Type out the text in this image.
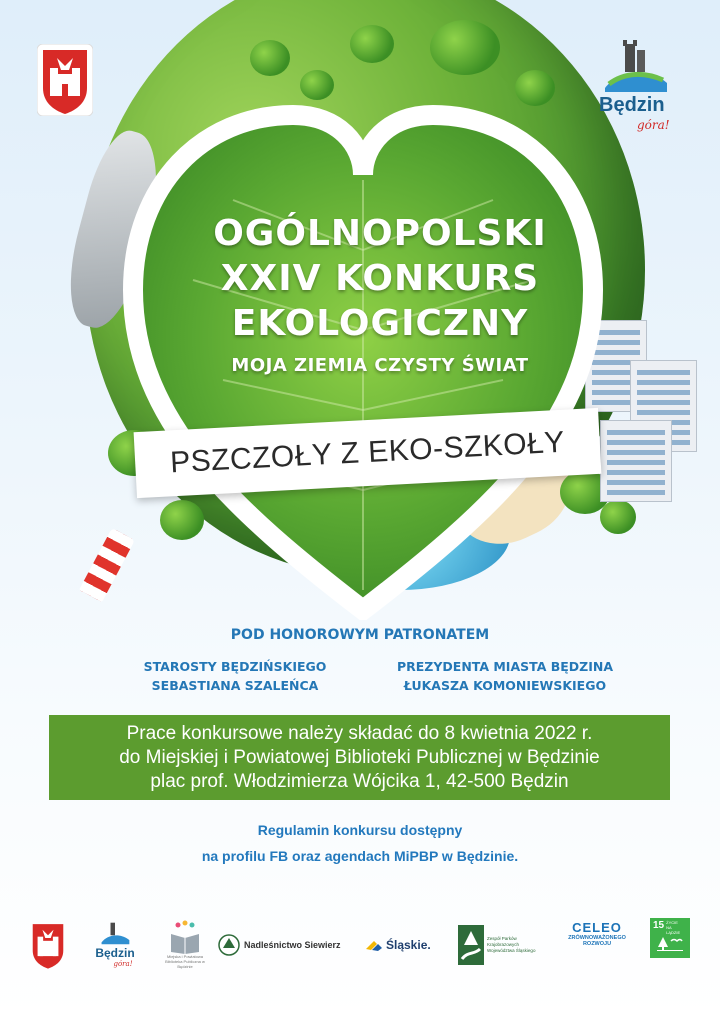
OGÓLNOPOLSKI
XXIV KONKURS
EKOLOGICZNY
MOJA ZIEMIA CZYSTY ŚWIAT
PSZCZOŁY Z EKO-SZKOŁY
Będzin
góra!
POD HONOROWYM PATRONATEM
STAROSTY BĘDZIŃSKIEGO
SEBASTIANA SZALEŃCA
PREZYDENTA MIASTA BĘDZINA
ŁUKASZA KOMONIEWSKIEGO
Prace konkursowe należy składać do 8 kwietnia 2022 r.
do Miejskiej i Powiatowej Biblioteki Publicznej w Będzinie
plac prof. Włodzimierza Wójcika 1, 42-500 Będzin
Regulamin konkursu dostępny
na profilu FB oraz agendach MiPBP w Będzinie.
Będzin
góra!
Miejska i Powiatowa Biblioteka Publiczna w Będzinie
Nadleśnictwo Siewierz	Śląskie.	Zespół Parków Krajobrazowych Województwa Śląskiego
CELEO
ZRÓWNOWAŻONEGO
ROZWOJU
15 ŻYCIE NA LĄDZIE
